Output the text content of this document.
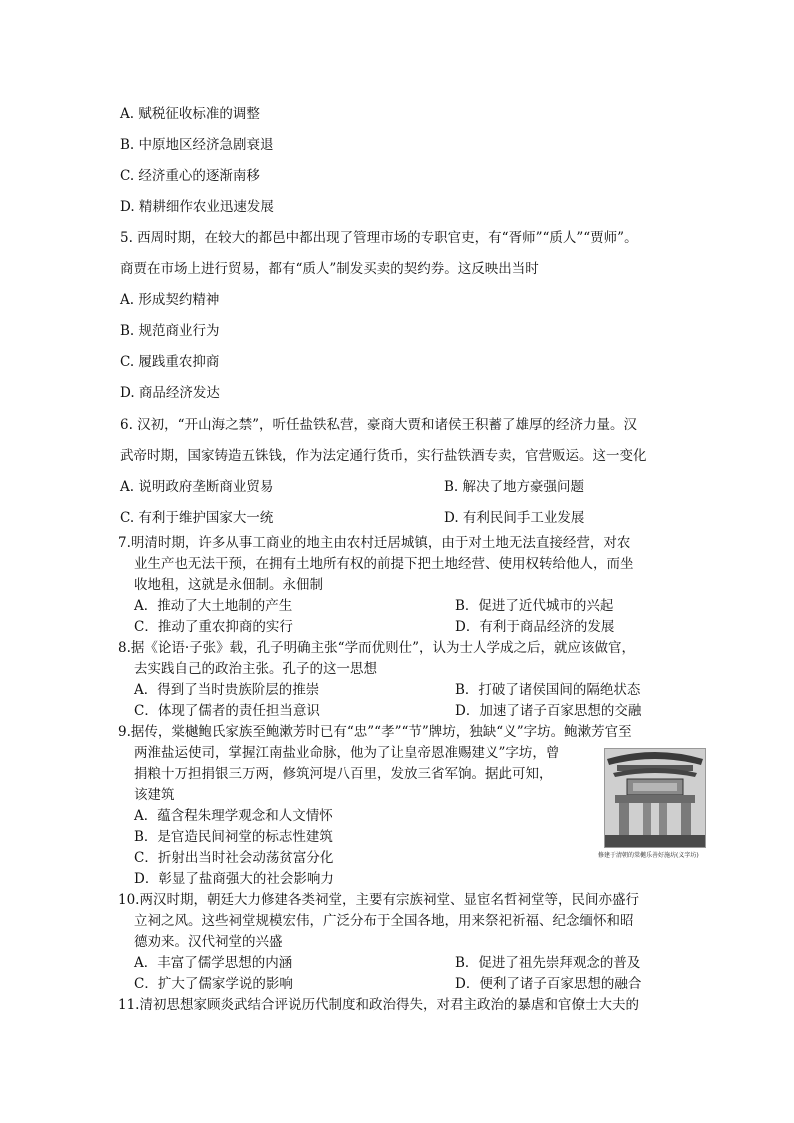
A. 赋税征收标准的调整
B. 中原地区经济急剧衰退
C. 经济重心的逐渐南移
D. 精耕细作农业迅速发展
5. 西周时期，在较大的都邑中都出现了管理市场的专职官吏，有“胥师”“质人”“贾师”。
商贾在市场上进行贸易，都有“质人”制发买卖的契约券。这反映出当时
A. 形成契约精神
B. 规范商业行为
C. 履践重农抑商
D. 商品经济发达
6. 汉初，“开山海之禁”，听任盐铁私营，豪商大贾和诸侯王积蓄了雄厚的经济力量。汉
武帝时期，国家铸造五铢钱，作为法定通行货币，实行盐铁酒专卖，官营贩运。这一变化
A. 说明政府垄断商业贸易	B. 解决了地方豪强问题
C. 有利于维护国家大一统	D. 有利民间手工业发展
7.明清时期，许多从事工商业的地主由农村迁居城镇，由于对土地无法直接经营，对农
业生产也无法干预，在拥有土地所有权的前提下把土地经营、使用权转给他人，而坐
收地租，这就是永佃制。永佃制
A．推动了大土地制的产生	B．促进了近代城市的兴起
C．推动了重农抑商的实行	D．有利于商品经济的发展
8.据《论语·子张》载，孔子明确主张“学而优则仕”，认为士人学成之后，就应该做官，
去实践自己的政治主张。孔子的这一思想
A．得到了当时贵族阶层的推崇	B．打破了诸侯国间的隔绝状态
C．体现了儒者的责任担当意识	D．加速了诸子百家思想的交融
9.据传，棠樾鲍氏家族至鲍漱芳时已有“忠”“孝”“节”牌坊，独缺“义”字坊。鲍漱芳官至
两淮盐运使司，掌握江南盐业命脉，他为了让皇帝恩准赐建义”字坊，曾
捐粮十万担捐银三万两，修筑河堤八百里，发放三省军饷。据此可知，
该建筑
A．蕴含程朱理学观念和人文情怀
B．是官造民间祠堂的标志性建筑
C．折射出当时社会动荡贫富分化
D．彰显了盐商强大的社会影响力
修建于清朝的棠樾乐善好施坊(义字坊)
10.两汉时期，朝廷大力修建各类祠堂，主要有宗族祠堂、显宦名哲祠堂等，民间亦盛行
立祠之风。这些祠堂规模宏伟，广泛分布于全国各地，用来祭祀祈福、纪念缅怀和昭
德劝来。汉代祠堂的兴盛
A．丰富了儒学思想的内涵	B．促进了祖先崇拜观念的普及
C．扩大了儒家学说的影响	D．便利了诸子百家思想的融合
11.清初思想家顾炎武结合评说历代制度和政治得失，对君主政治的暴虐和官僚士大夫的
